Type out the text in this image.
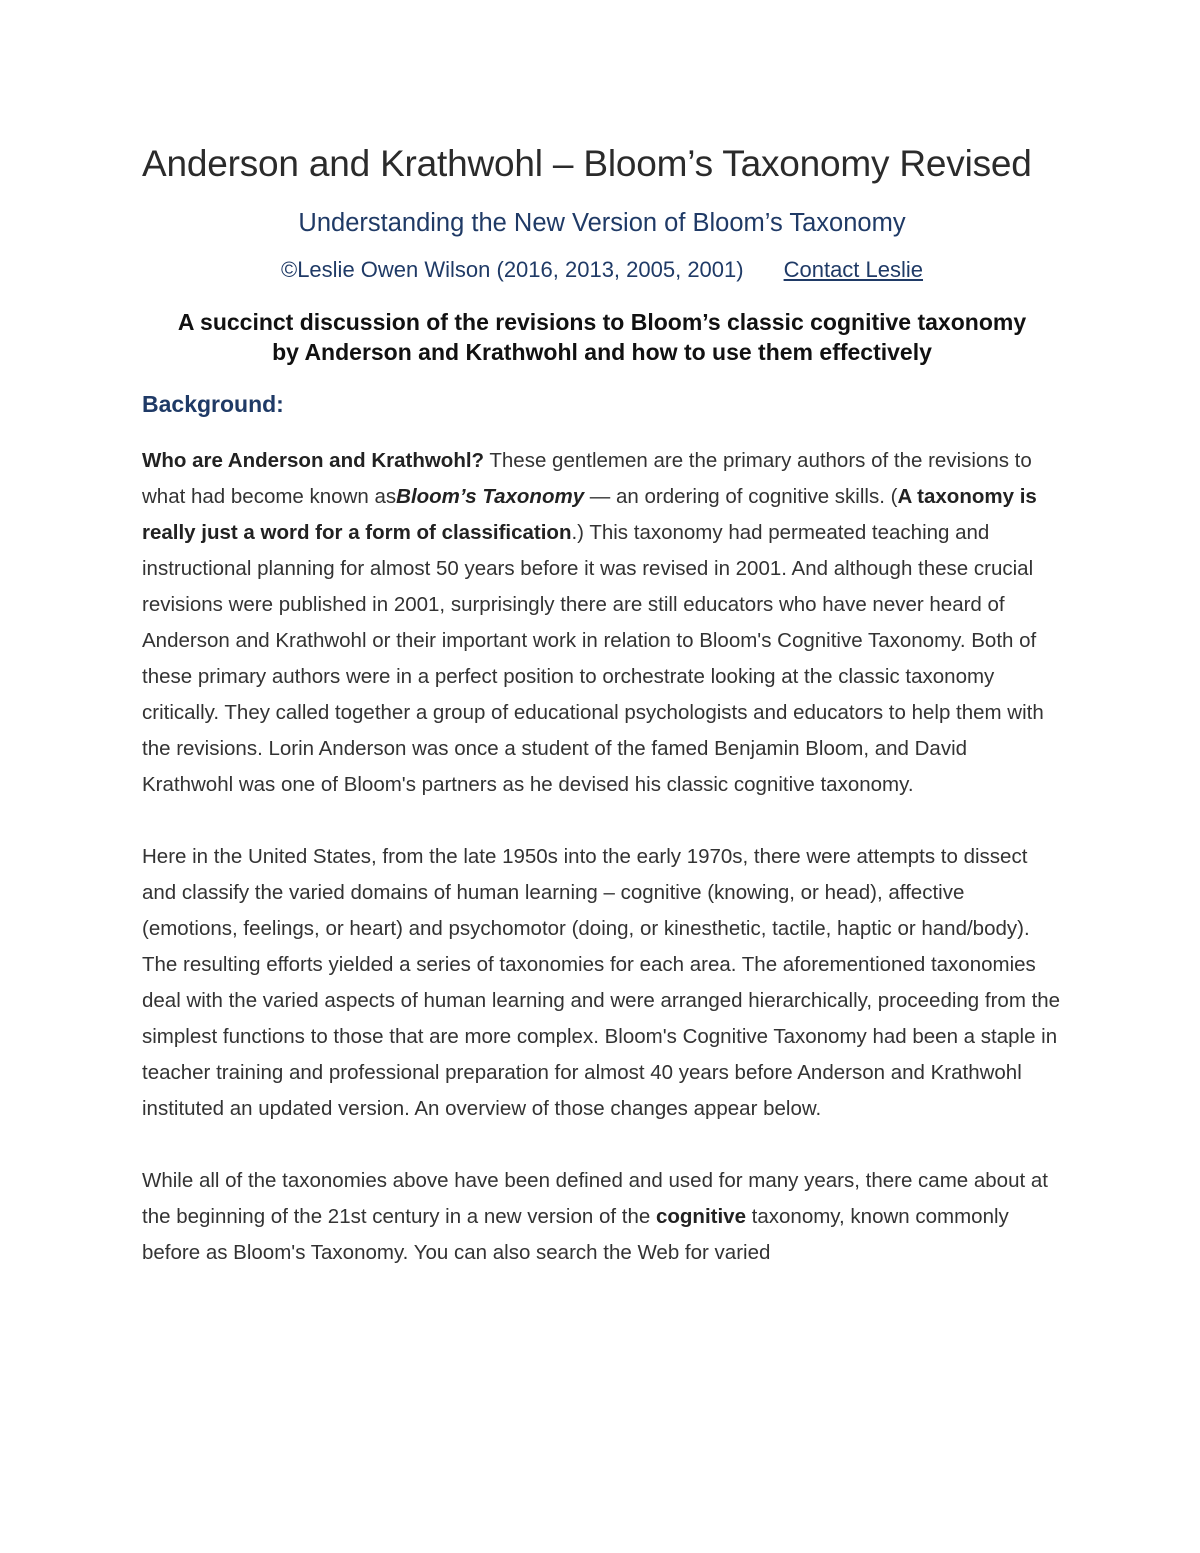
Anderson and Krathwohl – Bloom’s Taxonomy Revised
Understanding the New Version of Bloom’s Taxonomy
©Leslie Owen Wilson (2016, 2013, 2005, 2001) Contact Leslie
A succinct discussion of the revisions to Bloom’s classic cognitive taxonomy
by Anderson and Krathwohl and how to use them effectively
Background:

Who are Anderson and Krathwohl? These gentlemen are the primary authors of the revisions to what had become known asBloom’s Taxonomy — an ordering of cognitive skills. (A taxonomy is really just a word for a form of classification.) This taxonomy had permeated teaching and instructional planning for almost 50 years before it was revised in 2001. And although these crucial revisions were published in 2001, surprisingly there are still educators who have never heard of Anderson and Krathwohl or their important work in relation to Bloom's Cognitive Taxonomy. Both of these primary authors were in a perfect position to orchestrate looking at the classic taxonomy critically. They called together a group of educational psychologists and educators to help them with the revisions. Lorin Anderson was once a student of the famed Benjamin Bloom, and David Krathwohl was one of Bloom's partners as he devised his classic cognitive taxonomy.

Here in the United States, from the late 1950s into the early 1970s, there were attempts to dissect and classify the varied domains of human learning – cognitive (knowing, or head), affective (emotions, feelings, or heart) and psychomotor (doing, or kinesthetic, tactile, haptic or hand/body). The resulting efforts yielded a series of taxonomies for each area. The aforementioned taxonomies deal with the varied aspects of human learning and were arranged hierarchically, proceeding from the simplest functions to those that are more complex. Bloom's Cognitive Taxonomy had been a staple in teacher training and professional preparation for almost 40 years before Anderson and Krathwohl instituted an updated version. An overview of those changes appear below.

While all of the taxonomies above have been defined and used for many years, there came about at the beginning of the 21st century in a new version of the cognitive taxonomy, known commonly before as Bloom's Taxonomy. You can also search the Web for varied
